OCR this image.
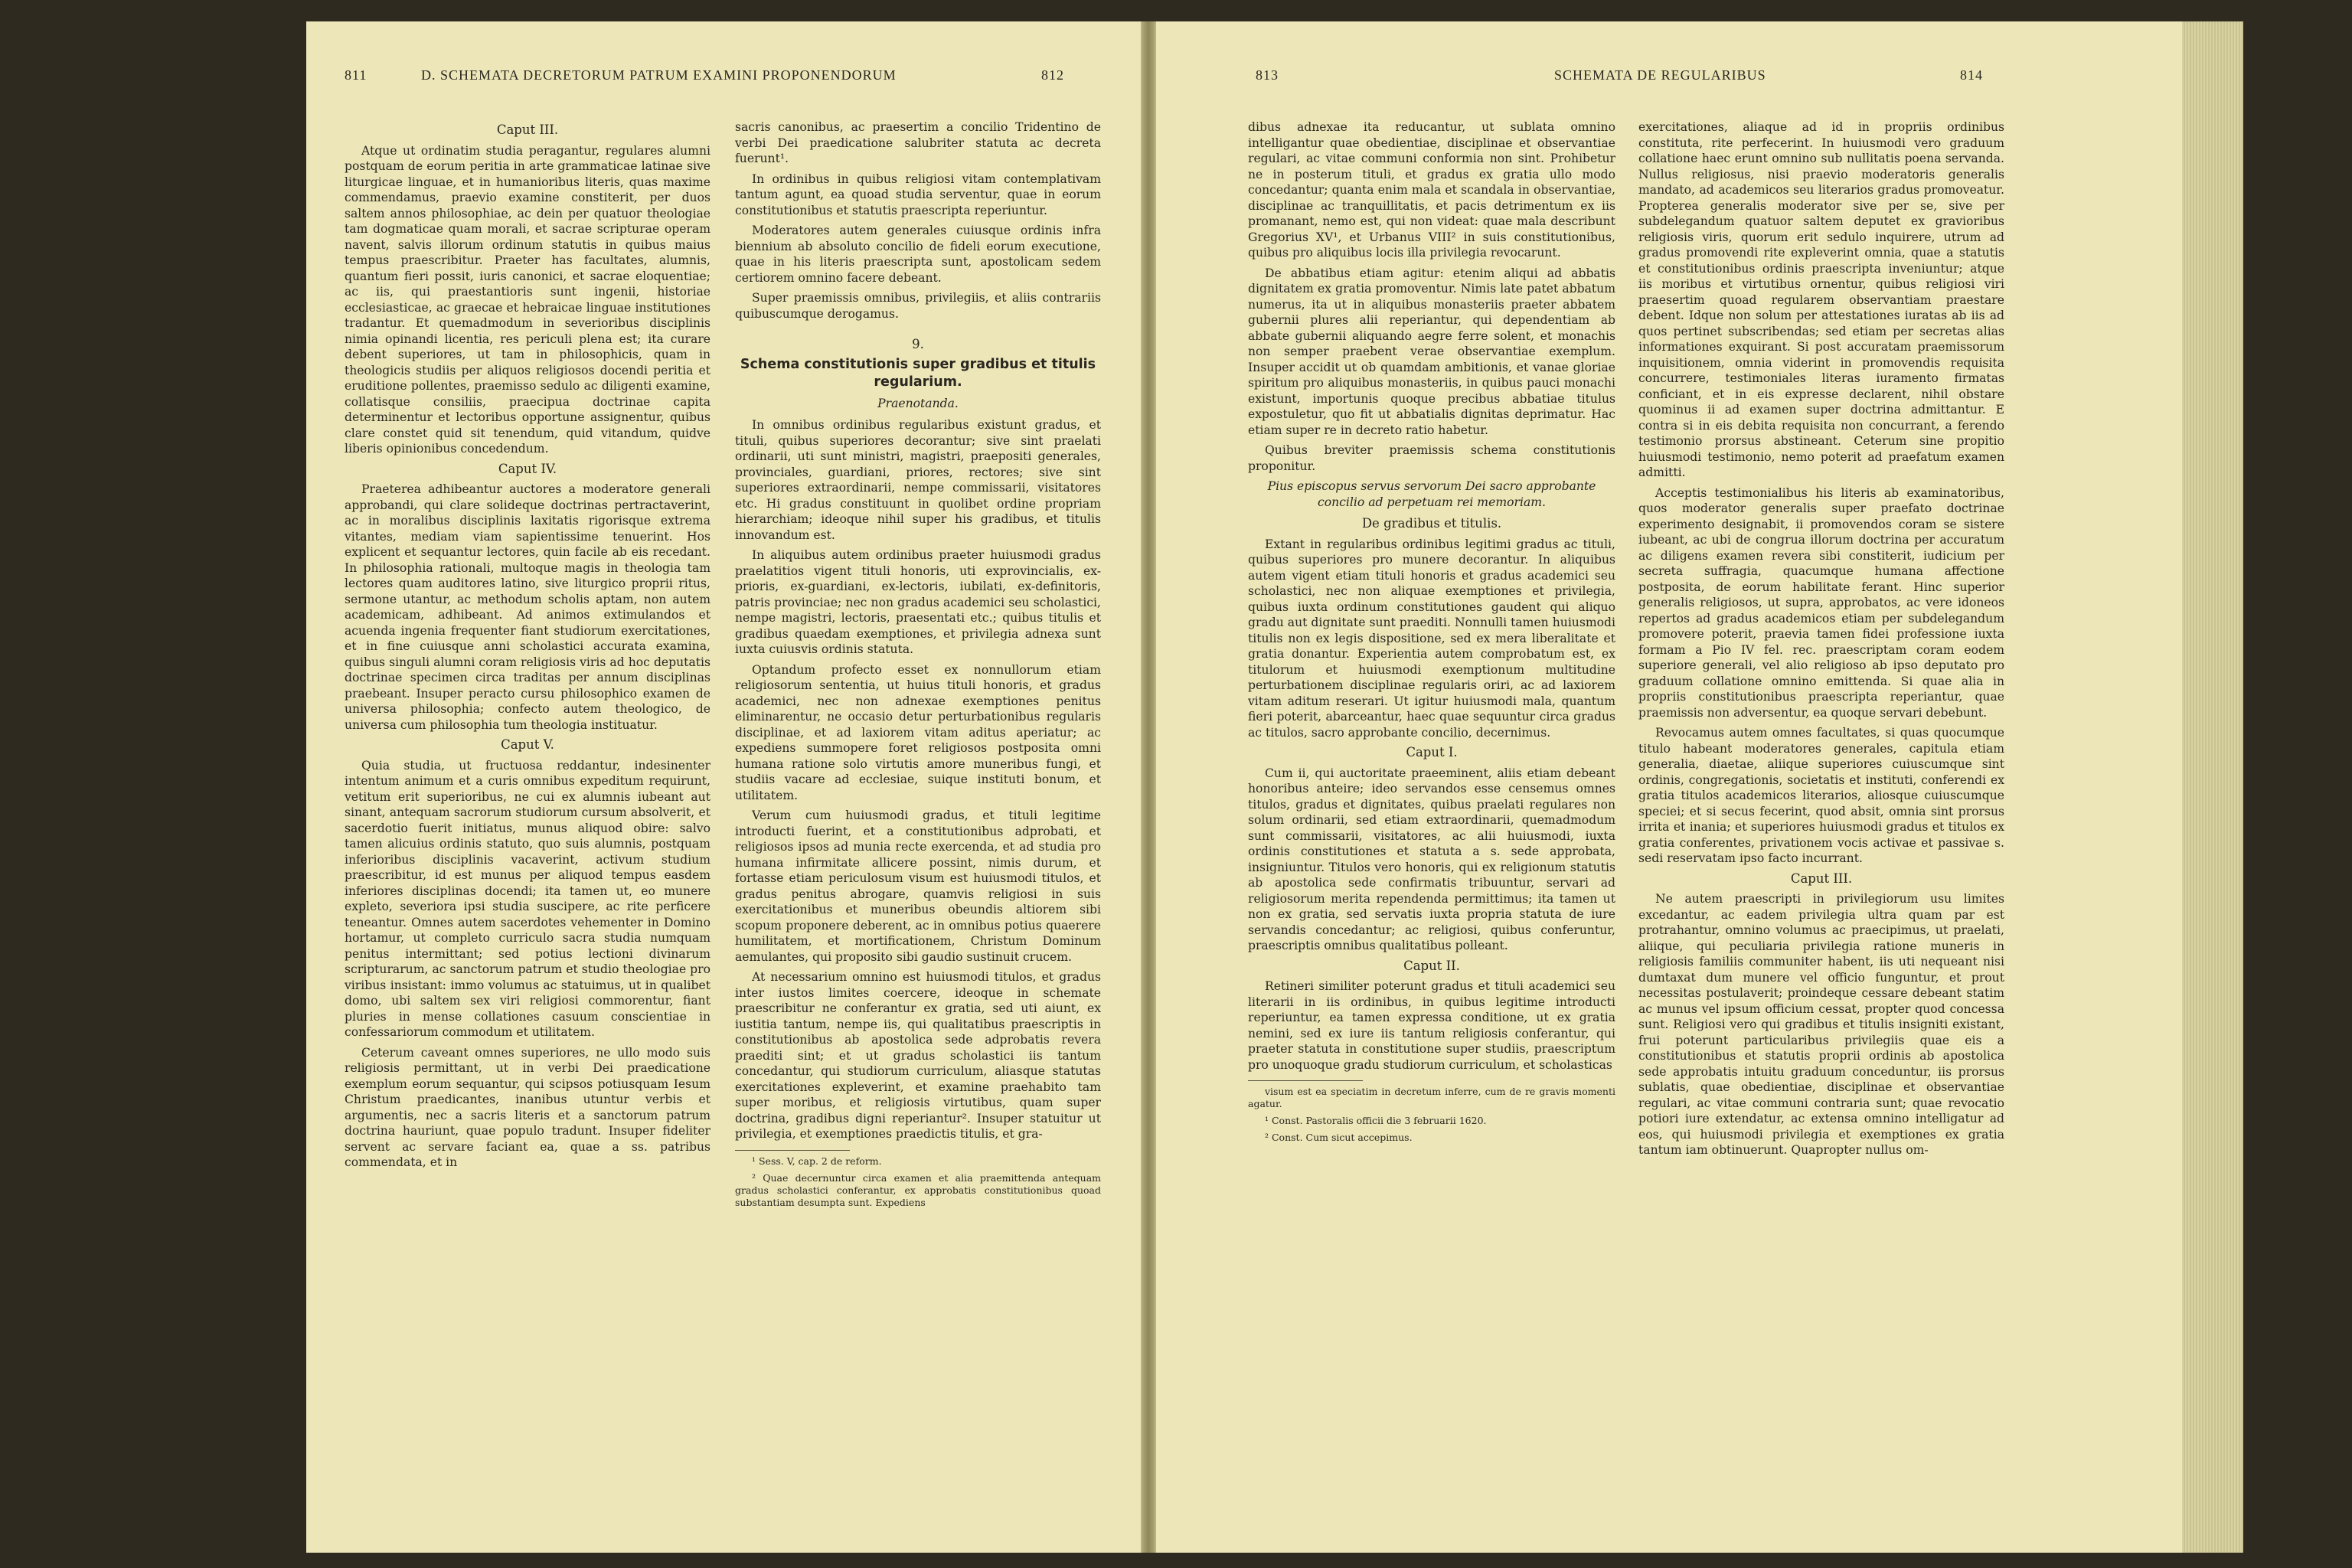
811	D. SCHEMATA DECRETORUM PATRUM EXAMINI PROPONENDORUM	812
Caput III.

Atque ut ordinatim studia peragantur, regulares alumni postquam de eorum peritia in arte grammaticae latinae sive liturgicae linguae, et in humanioribus literis, quas maxime commendamus, praevio examine constiterit, per duos saltem annos philosophiae, ac dein per quatuor theologiae tam dogmaticae quam morali, et sacrae scripturae operam navent, salvis illorum ordinum statutis in quibus maius tempus praescribitur. Praeter has facultates, alumnis, quantum fieri possit, iuris canonici, et sacrae eloquentiae; ac iis, qui praestantioris sunt ingenii, historiae ecclesiasticae, ac graecae et hebraicae linguae institutiones tradantur. Et quemadmodum in severioribus disciplinis nimia opinandi licentia, res periculi plena est; ita curare debent superiores, ut tam in philosophicis, quam in theologicis studiis per aliquos religiosos docendi peritia et eruditione pollentes, praemisso sedulo ac diligenti examine, collatisque consiliis, praecipua doctrinae capita determinentur et lectoribus opportune assignentur, quibus clare constet quid sit tenendum, quid vitandum, quidve liberis opinionibus concedendum.

Caput IV.

Praeterea adhibeantur auctores a moderatore generali approbandi, qui clare solideque doctrinas pertractaverint, ac in moralibus disciplinis laxitatis rigorisque extrema vitantes, mediam viam sapientissime tenuerint. Hos explicent et sequantur lectores, quin facile ab eis recedant. In philosophia rationali, multoque magis in theologia tam lectores quam auditores latino, sive liturgico proprii ritus, sermone utantur, ac methodum scholis aptam, non autem academicam, adhibeant. Ad animos extimulandos et acuenda ingenia frequenter fiant studiorum exercitationes, et in fine cuiusque anni scholastici accurata examina, quibus singuli alumni coram religiosis viris ad hoc deputatis doctrinae specimen circa traditas per annum disciplinas praebeant. Insuper peracto cursu philosophico examen de universa philosophia; confecto autem theologico, de universa cum philosophia tum theologia instituatur.

Caput V.

Quia studia, ut fructuosa reddantur, indesinenter intentum animum et a curis omnibus expeditum requirunt, vetitum erit superioribus, ne cui ex alumnis iubeant aut sinant, antequam sacrorum studiorum cursum absolverit, et sacerdotio fuerit initiatus, munus aliquod obire: salvo tamen alicuius ordinis statuto, quo suis alumnis, postquam inferioribus disciplinis vacaverint, activum studium praescribitur, id est munus per aliquod tempus easdem inferiores disciplinas docendi; ita tamen ut, eo munere expleto, severiora ipsi studia suscipere, ac rite perficere teneantur. Omnes autem sacerdotes vehementer in Domino hortamur, ut completo curriculo sacra studia numquam penitus intermittant; sed potius lectioni divinarum scripturarum, ac sanctorum patrum et studio theologiae pro viribus insistant: immo volumus ac statuimus, ut in qualibet domo, ubi saltem sex viri religiosi commorentur, fiant pluries in mense collationes casuum conscientiae in confessariorum commodum et utilitatem.

Ceterum caveant omnes superiores, ne ullo modo suis religiosis permittant, ut in verbi Dei praedicatione exemplum eorum sequantur, qui scipsos potiusquam Iesum Christum praedicantes, inanibus utuntur verbis et argumentis, nec a sacris literis et a sanctorum patrum doctrina hauriunt, quae populo tradunt. Insuper fideliter servent ac servare faciant ea, quae a ss. patribus commendata, et in

sacris canonibus, ac praesertim a concilio Tridentino de verbi Dei praedicatione salubriter statuta ac decreta fuerunt¹.

In ordinibus in quibus religiosi vitam contemplativam tantum agunt, ea quoad studia serventur, quae in eorum constitutionibus et statutis praescripta reperiuntur.

Moderatores autem generales cuiusque ordinis infra biennium ab absoluto concilio de fideli eorum executione, quae in his literis praescripta sunt, apostolicam sedem certiorem omnino facere debeant.

Super praemissis omnibus, privilegiis, et aliis contrariis quibuscumque derogamus.

9.
Schema constitutionis super gradibus et titulis regularium.
Praenotanda.

In omnibus ordinibus regularibus existunt gradus, et tituli, quibus superiores decorantur; sive sint praelati ordinarii, uti sunt ministri, magistri, praepositi generales, provinciales, guardiani, priores, rectores; sive sint superiores extraordinarii, nempe commissarii, visitatores etc. Hi gradus constituunt in quolibet ordine propriam hierarchiam; ideoque nihil super his gradibus, et titulis innovandum est.

In aliquibus autem ordinibus praeter huiusmodi gradus praelatitios vigent tituli honoris, uti exprovincialis, ex-prioris, ex-guardiani, ex-lectoris, iubilati, ex-definitoris, patris provinciae; nec non gradus academici seu scholastici, nempe magistri, lectoris, praesentati etc.; quibus titulis et gradibus quaedam exemptiones, et privilegia adnexa sunt iuxta cuiusvis ordinis statuta.

Optandum profecto esset ex nonnullorum etiam religiosorum sententia, ut huius tituli honoris, et gradus academici, nec non adnexae exemptiones penitus eliminarentur, ne occasio detur perturbationibus regularis disciplinae, et ad laxiorem vitam aditus aperiatur; ac expediens summopere foret religiosos postposita omni humana ratione solo virtutis amore muneribus fungi, et studiis vacare ad ecclesiae, suique instituti bonum, et utilitatem.

Verum cum huiusmodi gradus, et tituli legitime introducti fuerint, et a constitutionibus adprobati, et religiosos ipsos ad munia recte exercenda, et ad studia pro humana infirmitate allicere possint, nimis durum, et fortasse etiam periculosum visum est huiusmodi titulos, et gradus penitus abrogare, quamvis religiosi in suis exercitationibus et muneribus obeundis altiorem sibi scopum proponere deberent, ac in omnibus potius quaerere humilitatem, et mortificationem, Christum Dominum aemulantes, qui proposito sibi gaudio sustinuit crucem.

At necessarium omnino est huiusmodi titulos, et gradus inter iustos limites coercere, ideoque in schemate praescribitur ne conferantur ex gratia, sed uti aiunt, ex iustitia tantum, nempe iis, qui qualitatibus praescriptis in constitutionibus ab apostolica sede adprobatis revera praediti sint; et ut gradus scholastici iis tantum concedantur, qui studiorum curriculum, aliasque statutas exercitationes expleverint, et examine praehabito tam super moribus, et religiosis virtutibus, quam super doctrina, gradibus digni reperiantur². Insuper statuitur ut privilegia, et exemptiones praedictis titulis, et gra-

¹ Sess. V, cap. 2 de reform.

² Quae decernuntur circa examen et alia praemittenda antequam gradus scholastici conferantur, ex approbatis constitutionibus quoad substantiam desumpta sunt. Expediens

813	SCHEMATA DE REGULARIBUS	814

dibus adnexae ita reducantur, ut sublata omnino intelligantur quae obedientiae, disciplinae et observantiae regulari, ac vitae communi conformia non sint. Prohibetur ne in posterum tituli, et gradus ex gratia ullo modo concedantur; quanta enim mala et scandala in observantiae, disciplinae ac tranquillitatis, et pacis detrimentum ex iis promanant, nemo est, qui non videat: quae mala describunt Gregorius XV¹, et Urbanus VIII² in suis constitutionibus, quibus pro aliquibus locis illa privilegia revocarunt.

De abbatibus etiam agitur: etenim aliqui ad abbatis dignitatem ex gratia promoventur. Nimis late patet abbatum numerus, ita ut in aliquibus monasteriis praeter abbatem gubernii plures alii reperiantur, qui dependentiam ab abbate gubernii aliquando aegre ferre solent, et monachis non semper praebent verae observantiae exemplum. Insuper accidit ut ob quamdam ambitionis, et vanae gloriae spiritum pro aliquibus monasteriis, in quibus pauci monachi existunt, importunis quoque precibus abbatiae titulus expostuletur, quo fit ut abbatialis dignitas deprimatur. Hac etiam super re in decreto ratio habetur.

Quibus breviter praemissis schema constitutionis proponitur.

Pius episcopus servus servorum Dei sacro approbante concilio ad perpetuam rei memoriam.
De gradibus et titulis.

Extant in regularibus ordinibus legitimi gradus ac tituli, quibus superiores pro munere decorantur. In aliquibus autem vigent etiam tituli honoris et gradus academici seu scholastici, nec non aliquae exemptiones et privilegia, quibus iuxta ordinum constitutiones gaudent qui aliquo gradu aut dignitate sunt praediti. Nonnulli tamen huiusmodi titulis non ex legis dispositione, sed ex mera liberalitate et gratia donantur. Experientia autem comprobatum est, ex titulorum et huiusmodi exemptionum multitudine perturbationem disciplinae regularis oriri, ac ad laxiorem vitam aditum reserari. Ut igitur huiusmodi mala, quantum fieri poterit, abarceantur, haec quae sequuntur circa gradus ac titulos, sacro approbante concilio, decernimus.

Caput I.

Cum ii, qui auctoritate praeeminent, aliis etiam debeant honoribus anteire; ideo servandos esse censemus omnes titulos, gradus et dignitates, quibus praelati regulares non solum ordinarii, sed etiam extraordinarii, quemadmodum sunt commissarii, visitatores, ac alii huiusmodi, iuxta ordinis constitutiones et statuta a s. sede approbata, insigniuntur. Titulos vero honoris, qui ex religionum statutis ab apostolica sede confirmatis tribuuntur, servari ad religiosorum merita rependenda permittimus; ita tamen ut non ex gratia, sed servatis iuxta propria statuta de iure servandis concedantur; ac religiosi, quibus conferuntur, praescriptis omnibus qualitatibus polleant.

Caput II.

Retineri similiter poterunt gradus et tituli academici seu literarii in iis ordinibus, in quibus legitime introducti reperiuntur, ea tamen expressa conditione, ut ex gratia nemini, sed ex iure iis tantum religiosis conferantur, qui praeter statuta in constitutione super studiis, praescriptum pro unoquoque gradu studiorum curriculum, et scholasticas

visum est ea speciatim in decretum inferre, cum de re gravis momenti agatur.

¹ Const. Pastoralis officii die 3 februarii 1620.

² Const. Cum sicut accepimus.

exercitationes, aliaque ad id in propriis ordinibus constituta, rite perfecerint. In huiusmodi vero graduum collatione haec erunt omnino sub nullitatis poena servanda. Nullus religiosus, nisi praevio moderatoris generalis mandato, ad academicos seu literarios gradus promoveatur. Propterea generalis moderator sive per se, sive per subdelegandum quatuor saltem deputet ex gravioribus religiosis viris, quorum erit sedulo inquirere, utrum ad gradus promovendi rite expleverint omnia, quae a statutis et constitutionibus ordinis praescripta inveniuntur; atque iis moribus et virtutibus ornentur, quibus religiosi viri praesertim quoad regularem observantiam praestare debent. Idque non solum per attestationes iuratas ab iis ad quos pertinet subscribendas; sed etiam per secretas alias informationes exquirant. Si post accuratam praemissorum inquisitionem, omnia viderint in promovendis requisita concurrere, testimoniales literas iuramento firmatas conficiant, et in eis expresse declarent, nihil obstare quominus ii ad examen super doctrina admittantur. E contra si in eis debita requisita non concurrant, a ferendo testimonio prorsus abstineant. Ceterum sine propitio huiusmodi testimonio, nemo poterit ad praefatum examen admitti.

Acceptis testimonialibus his literis ab examinatoribus, quos moderator generalis super praefato doctrinae experimento designabit, ii promovendos coram se sistere iubeant, ac ubi de congrua illorum doctrina per accuratum ac diligens examen revera sibi constiterit, iudicium per secreta suffragia, quacumque humana affectione postposita, de eorum habilitate ferant. Hinc superior generalis religiosos, ut supra, approbatos, ac vere idoneos repertos ad gradus academicos etiam per subdelegandum promovere poterit, praevia tamen fidei professione iuxta formam a Pio IV fel. rec. praescriptam coram eodem superiore generali, vel alio religioso ab ipso deputato pro graduum collatione omnino emittenda. Si quae alia in propriis constitutionibus praescripta reperiantur, quae praemissis non adversentur, ea quoque servari debebunt.

Revocamus autem omnes facultates, si quas quocumque titulo habeant moderatores generales, capitula etiam generalia, diaetae, aliique superiores cuiuscumque sint ordinis, congregationis, societatis et instituti, conferendi ex gratia titulos academicos literarios, aliosque cuiuscumque speciei; et si secus fecerint, quod absit, omnia sint prorsus irrita et inania; et superiores huiusmodi gradus et titulos ex gratia conferentes, privationem vocis activae et passivae s. sedi reservatam ipso facto incurrant.

Caput III.

Ne autem praescripti in privilegiorum usu limites excedantur, ac eadem privilegia ultra quam par est protrahantur, omnino volumus ac praecipimus, ut praelati, aliique, qui peculiaria privilegia ratione muneris in religiosis familiis communiter habent, iis uti nequeant nisi dumtaxat dum munere vel officio funguntur, et prout necessitas postulaverit; proindeque cessare debeant statim ac munus vel ipsum officium cessat, propter quod concessa sunt. Religiosi vero qui gradibus et titulis insigniti existant, frui poterunt particularibus privilegiis quae eis a constitutionibus et statutis proprii ordinis ab apostolica sede approbatis intuitu graduum conceduntur, iis prorsus sublatis, quae obedientiae, disciplinae et observantiae regulari, ac vitae communi contraria sunt; quae revocatio potiori iure extendatur, ac extensa omnino intelligatur ad eos, qui huiusmodi privilegia et exemptiones ex gratia tantum iam obtinuerunt. Quapropter nullus om-
